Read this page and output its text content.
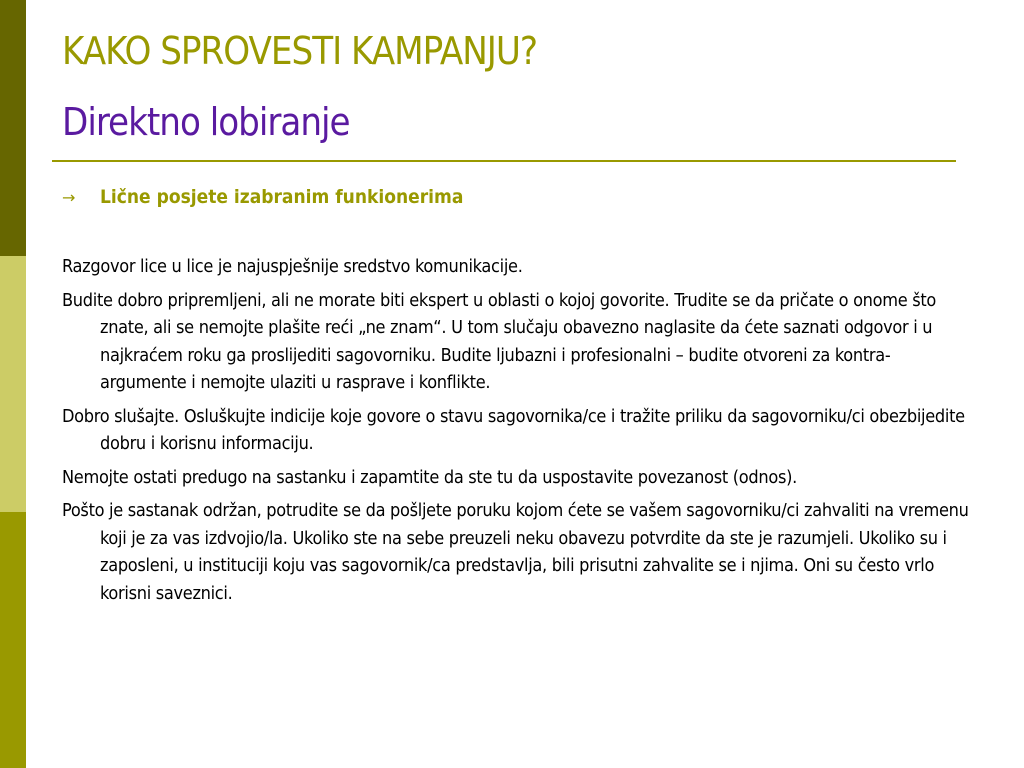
KAKO SPROVESTI KAMPANJU?
Direktno lobiranje
→	Lične posjete izabranim funkionerima

Razgovor lice u lice je najuspješnije sredstvo komunikacije.

Budite dobro pripremljeni, ali ne morate biti ekspert u oblasti o kojoj govorite. Trudite se da pričate o onome što znate, ali se nemojte plašite reći „ne znam“. U tom slučaju obavezno naglasite da ćete saznati odgovor i u najkraćem roku ga proslijediti sagovorniku. Budite ljubazni i profesionalni – budite otvoreni za kontra-argumente i nemojte ulaziti u rasprave i konflikte.

Dobro slušajte. Osluškujte indicije koje govore o stavu sagovornika/ce i tražite priliku da sagovorniku/ci obezbijedite dobru i korisnu informaciju.

Nemojte ostati predugo na sastanku i zapamtite da ste tu da uspostavite povezanost (odnos).

Pošto je sastanak održan, potrudite se da pošljete poruku kojom ćete se vašem sagovorniku/ci zahvaliti na vremenu koji je za vas izdvojio/la. Ukoliko ste na sebe preuzeli neku obavezu potvrdite da ste je razumjeli. Ukoliko su i zaposleni, u instituciji koju vas sagovornik/ca predstavlja, bili prisutni zahvalite se i njima. Oni su često vrlo korisni saveznici.
